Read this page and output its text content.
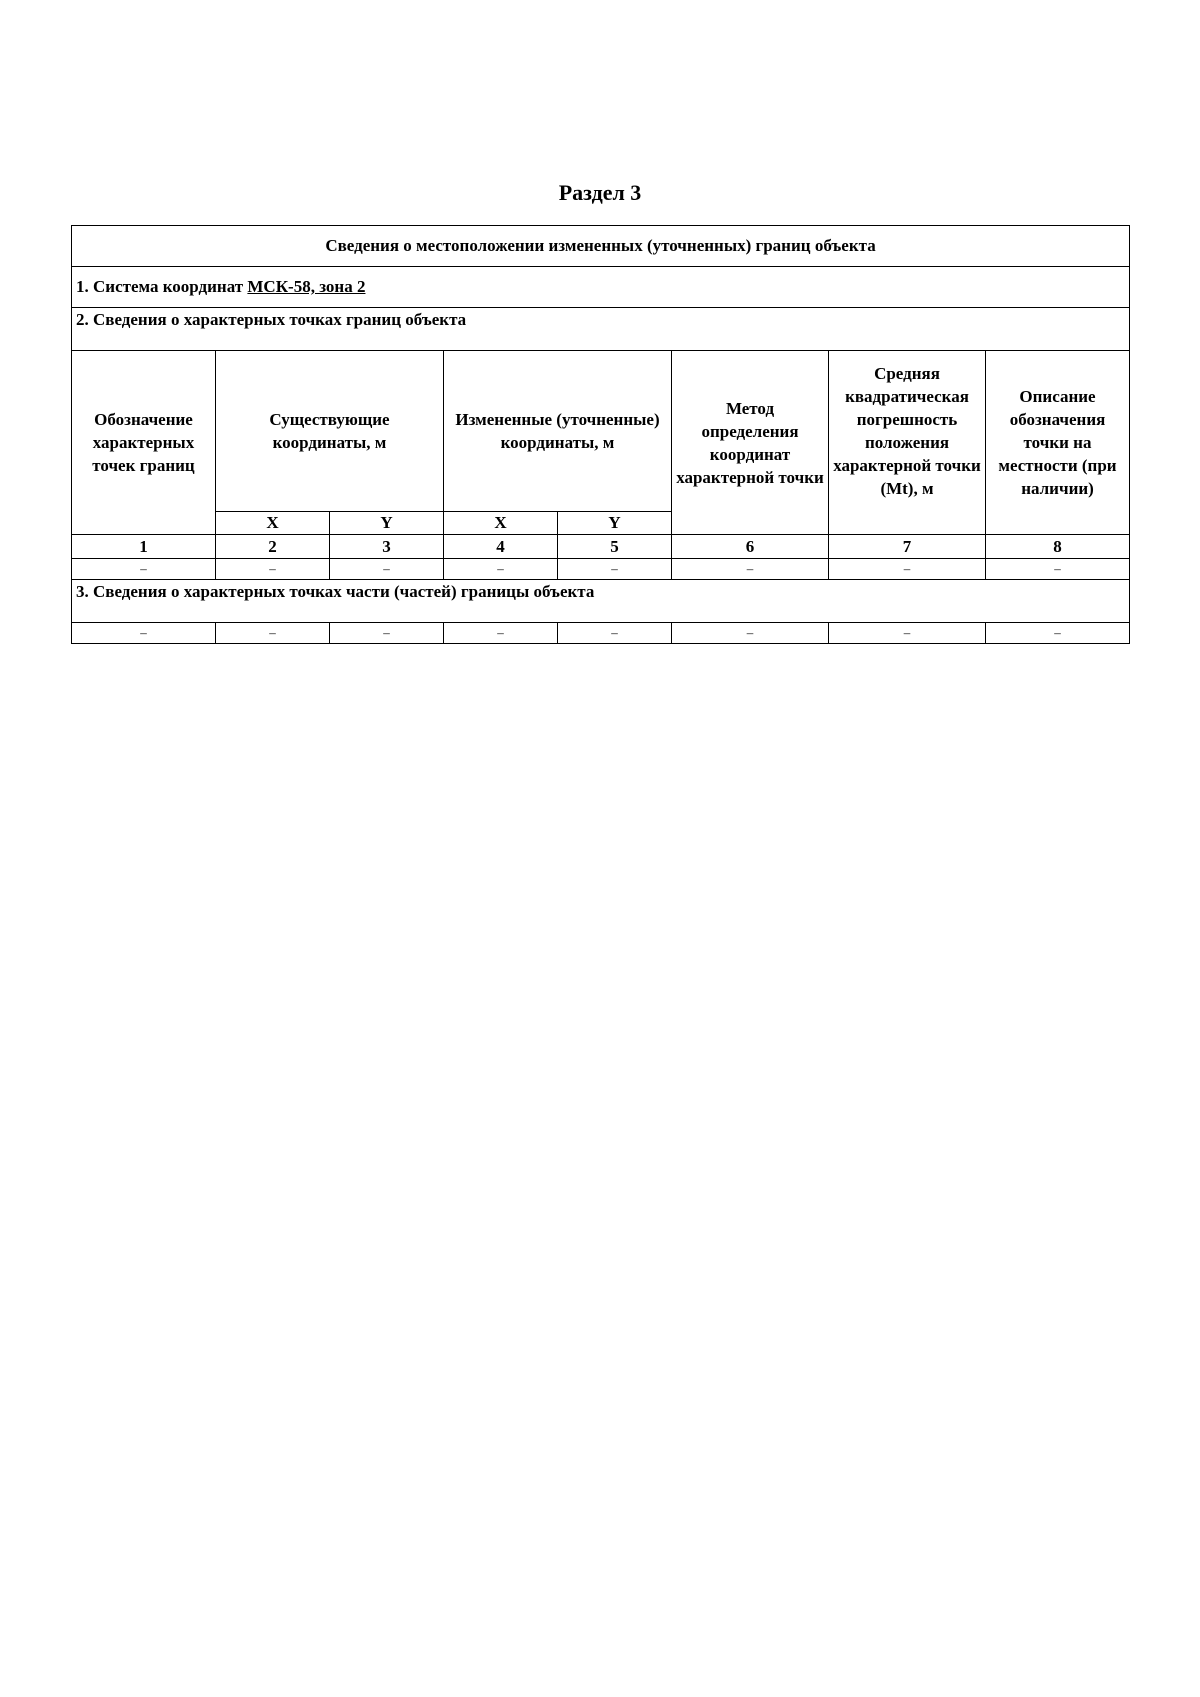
Раздел 3
Сведения о местоположении измененных (уточненных) границ объекта							
1. Система координат МСК-58, зона 2							
2. Сведения о характерных точках границ объекта							
Обозначение характерных точек границ	Существующие координаты, м		Измененные (уточненные) координаты, м		Метод определения координат характерной точки	Средняя квадратическая погрешность положения характерной точки (Mt), м	Описание обозначения точки на местности (при наличии)
	X	Y	X	Y			
1	2	3	4	5	6	7	8
–	–	–	–	–	–	–	–
3. Сведения о характерных точках части (частей) границы объекта							
–	–	–	–	–	–	–	–
